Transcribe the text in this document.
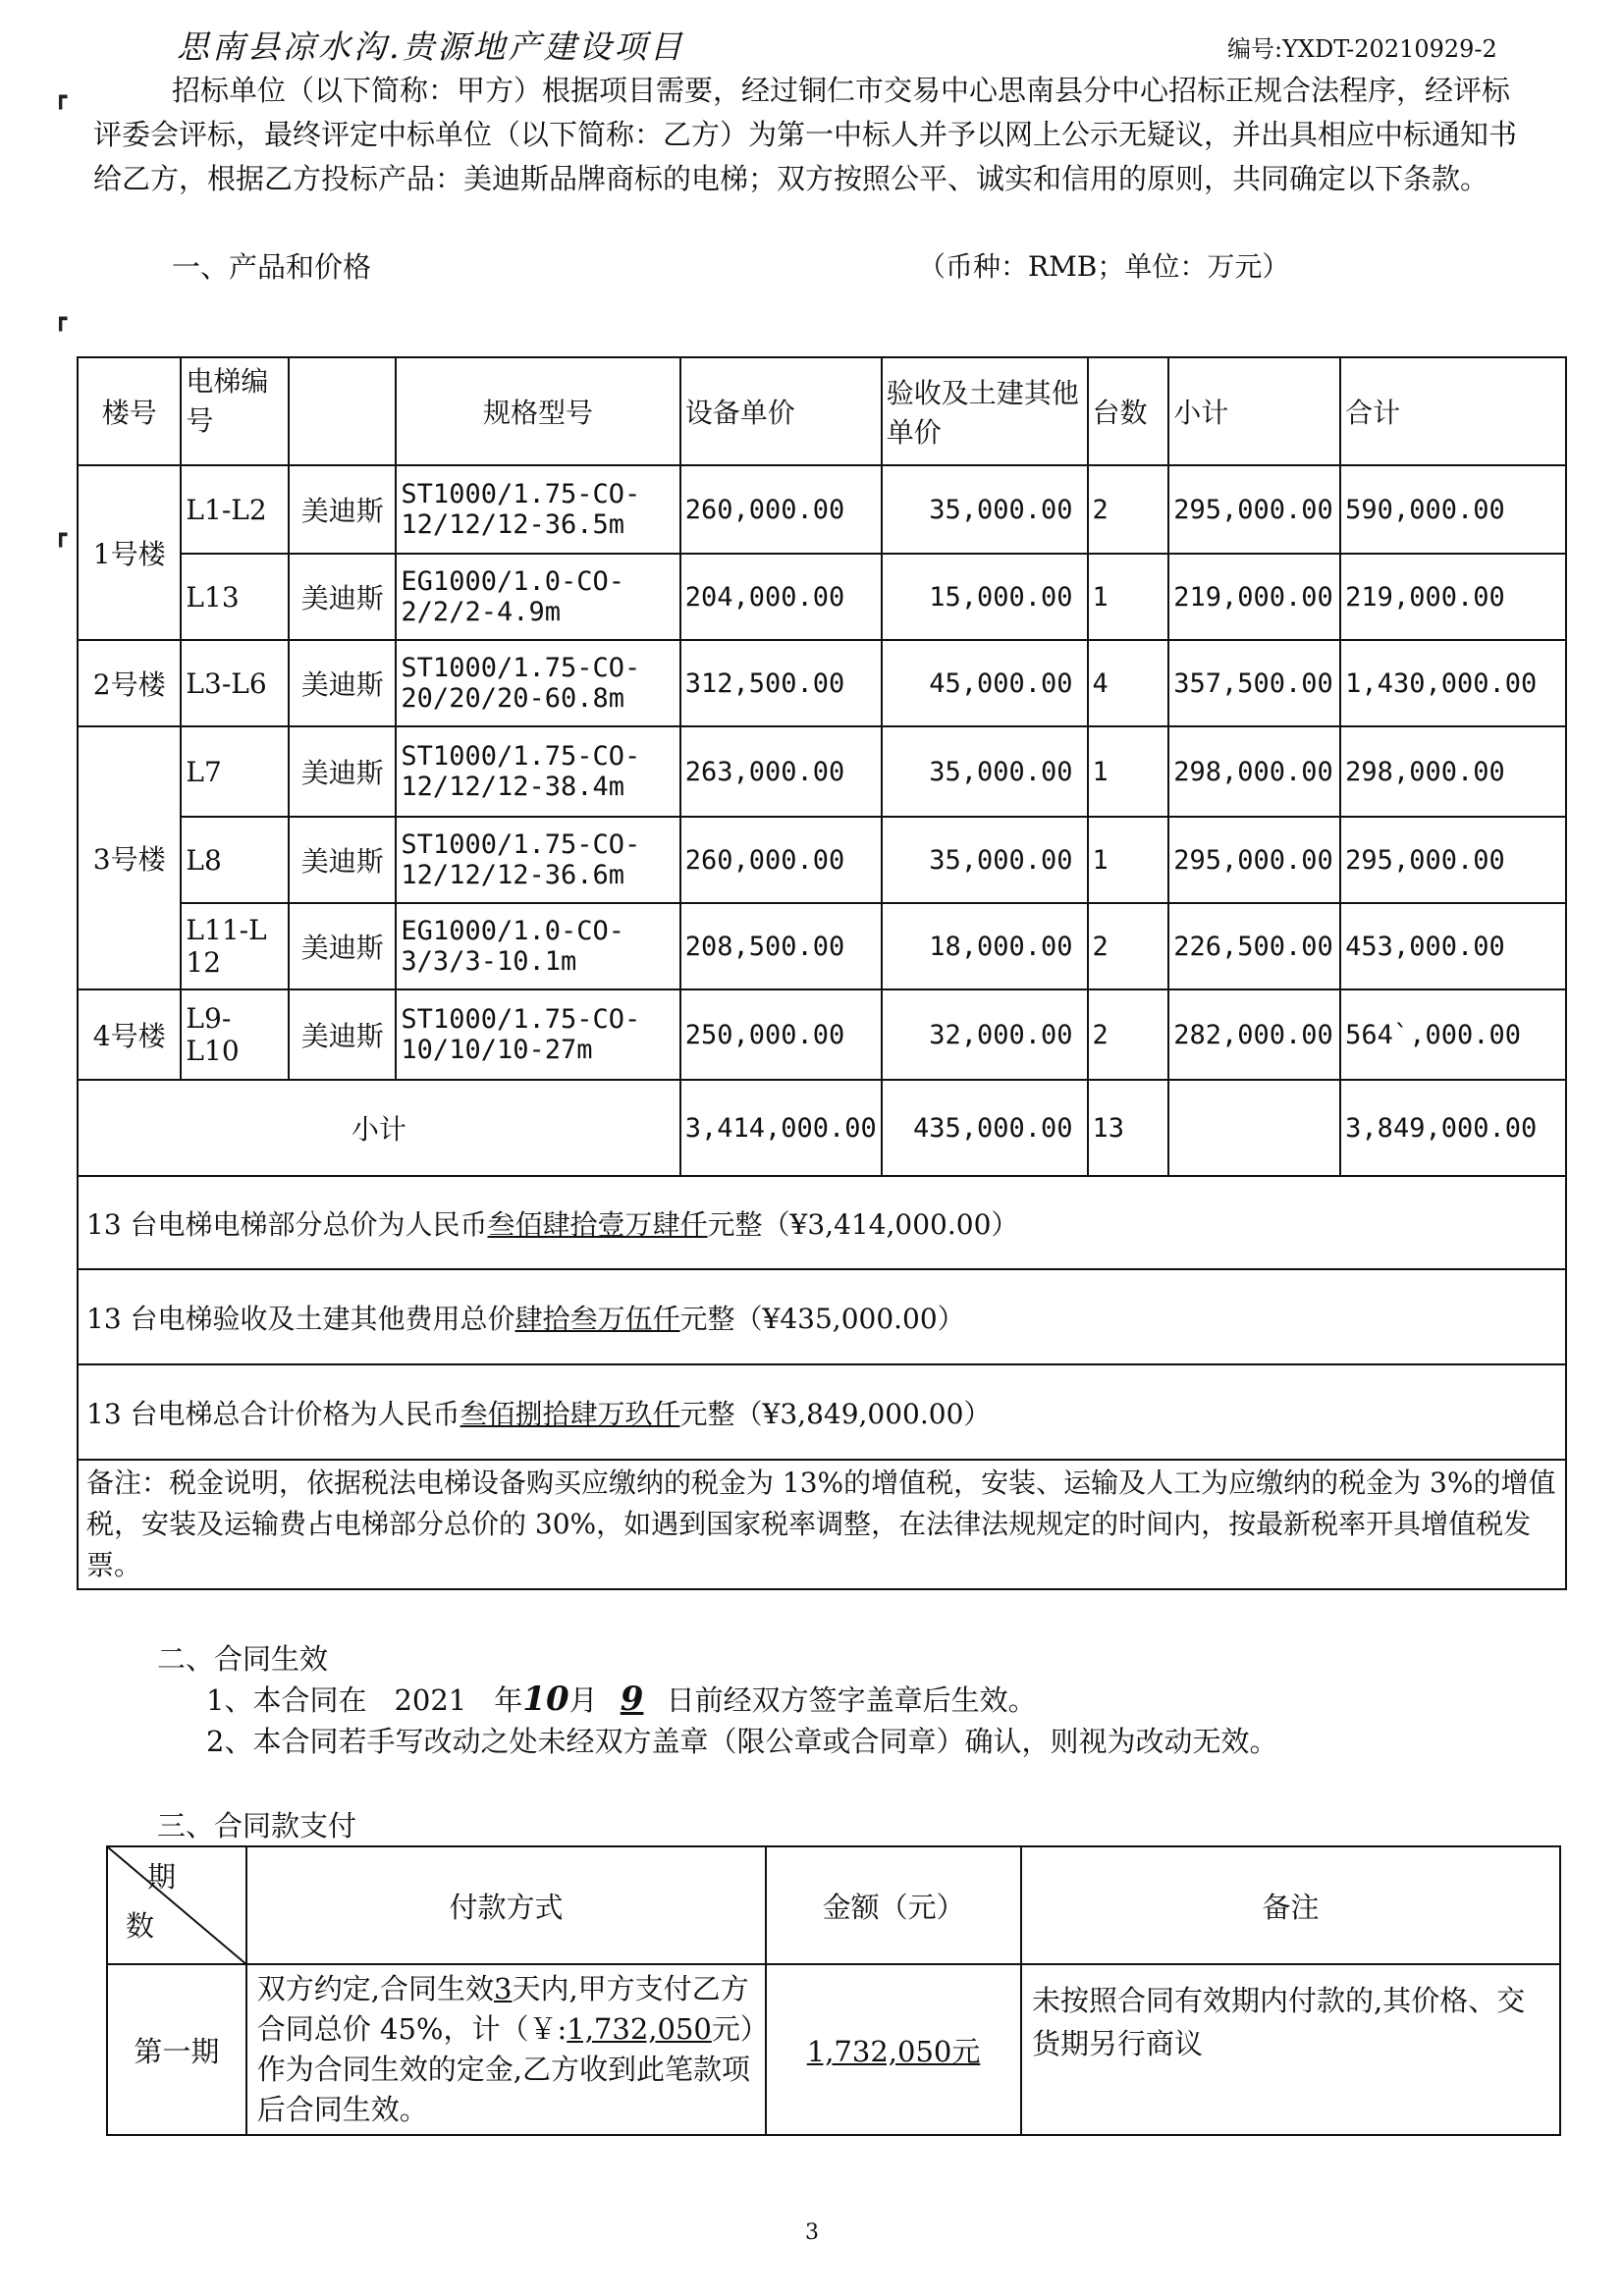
思南县凉水沟.贵源地产建设项目	编号:YXDT-20210929-2
┏
┏
┏
招标单位（以下简称：甲方）根据项目需要，经过铜仁市交易中心思南县分中心招标正规合法程序，经评标评委会评标，最终评定中标单位（以下简称：乙方）为第一中标人并予以网上公示无疑议，并出具相应中标通知书给乙方，根据乙方投标产品：美迪斯品牌商标的电梯；双方按照公平、诚实和信用的原则，共同确定以下条款。
一、产品和价格	（币种：RMB；单位：万元）
楼号	电梯编号		规格型号	设备单价	验收及土建其他单价	台数	小计	合计
1号楼	L1-L2	美迪斯	ST1000/1.75-CO-12/12/12-36.5m	260,000.00	35,000.00	2	295,000.00	590,000.00
	L13	美迪斯	EG1000/1.0-CO-2/2/2-4.9m	204,000.00	15,000.00	1	219,000.00	219,000.00
2号楼	L3-L6	美迪斯	ST1000/1.75-CO-20/20/20-60.8m	312,500.00	45,000.00	4	357,500.00	1,430,000.00
3号楼	L7	美迪斯	ST1000/1.75-CO-12/12/12-38.4m	263,000.00	35,000.00	1	298,000.00	298,000.00
	L8	美迪斯	ST1000/1.75-CO-12/12/12-36.6m	260,000.00	35,000.00	1	295,000.00	295,000.00
	L11-L12	美迪斯	EG1000/1.0-CO-3/3/3-10.1m	208,500.00	18,000.00	2	226,500.00	453,000.00
4号楼	L9-L10	美迪斯	ST1000/1.75-CO-10/10/10-27m	250,000.00	32,000.00	2	282,000.00	564`,000.00
小计				3,414,000.00	435,000.00	13		3,849,000.00
13 台电梯电梯部分总价为人民币叁佰肆拾壹万肆仟元整（¥3,414,000.00）								
13 台电梯验收及土建其他费用总价肆拾叁万伍仟元整（¥435,000.00）								
13 台电梯总合计价格为人民币叁佰捌拾肆万玖仟元整（¥3,849,000.00）								
备注：税金说明，依据税法电梯设备购买应缴纳的税金为 13%的增值税，安装、运输及人工为应缴纳的税金为 3%的增值税，安装及运输费占电梯部分总价的 30%，如遇到国家税率调整，在法律法规规定的时间内，按最新税率开具增值税发票。								
二、合同生效
1、本合同在 2021 年10月 9 日前经双方签字盖章后生效。
2、本合同若手写改动之处未经双方盖章（限公章或合同章）确认，则视为改动无效。
三、合同款支付
期
数	付款方式	金额（元）	备注
第一期	双方约定,合同生效3天内,甲方支付乙方合同总价 45%，计（￥:1,732,050元）作为合同生效的定金,乙方收到此笔款项后合同生效。	1,732,050元	未按照合同有效期内付款的,其价格、交货期另行商议
3
